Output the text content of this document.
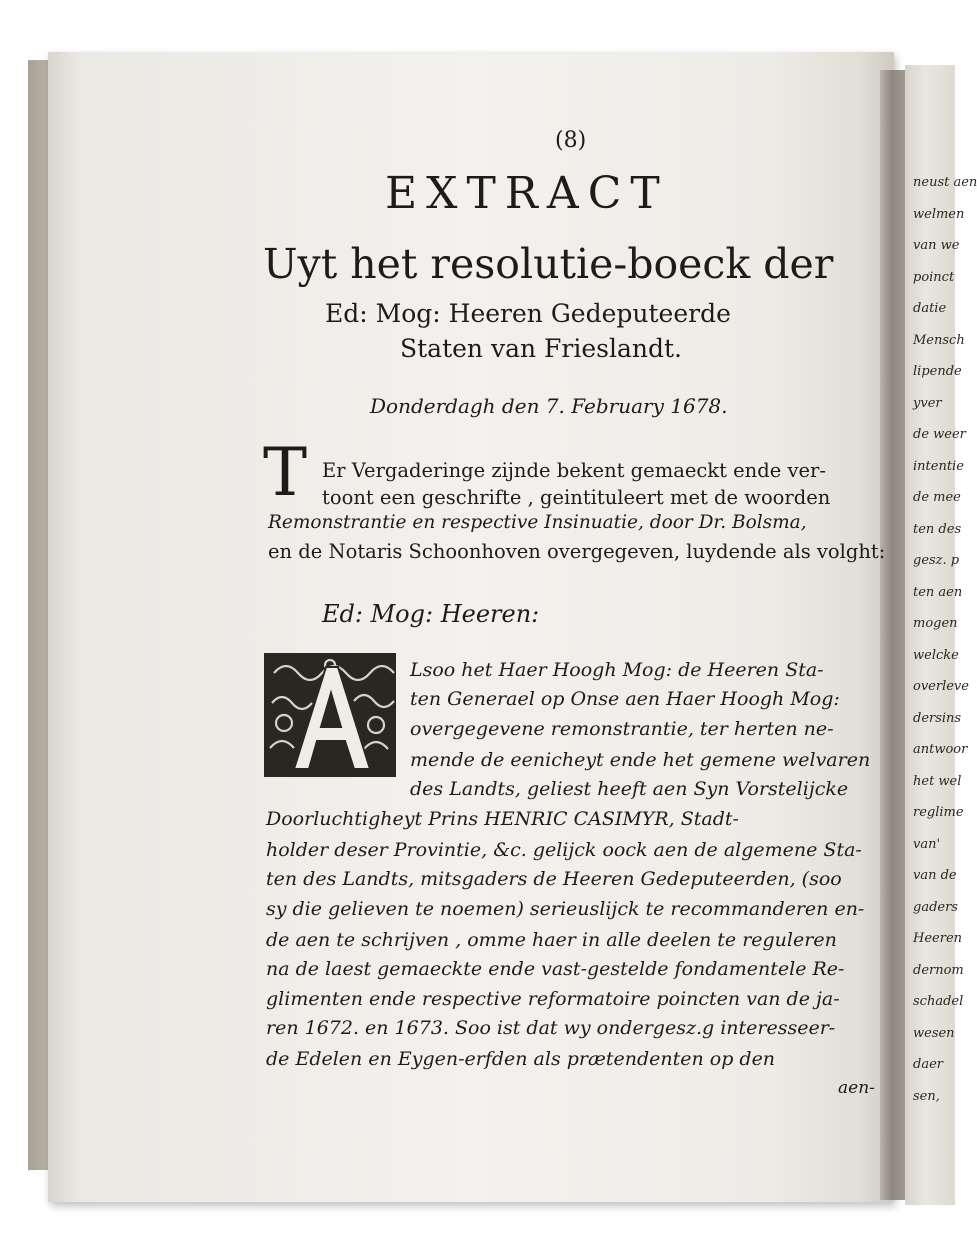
neust aen
welmen
van we
poinct
datie
Mensch
lipende
yver
de weer
intentie
de mee
ten des
gesz. p
ten aen
mogen
welcke
overleve
dersins
antwoor
het wel
reglime
van'
van de
gaders
Heeren
dernom
schadel
wesen
daer
sen,
(8)
EXTRACT
Uyt het resolutie-boeck der
Ed: Mog: Heeren Gedeputeerde
Staten van Frieslandt.
Donderdagh den 7. February 1678.
T Er Vergaderinge zijnde bekent gemaeckt ende ver-
toont een geschrifte , geintituleert met de woorden
Remonstrantie en respective Insinuatie, door Dr. Bolsma,
en de Notaris Schoonhoven overgegeven, luydende als volght:
Ed: Mog: Heeren:
Lsoo het Haer Hoogh Mog: de Heeren Sta-
ten Generael op Onse aen Haer Hoogh Mog:
overgegevene remonstrantie, ter herten ne-
mende de eenicheyt ende het gemene welvaren
des Landts, geliest heeft aen Syn Vorstelijcke
Doorluchtigheyt Prins HENRIC CASIMYR, Stadt-
holder deser Provintie, &c. gelijck oock aen de algemene Sta-
ten des Landts, mitsgaders de Heeren Gedeputeerden, (soo
sy die gelieven te noemen) serieuslijck te recommanderen en-
de aen te schrijven , omme haer in alle deelen te reguleren
na de laest gemaeckte ende vast-gestelde fondamentele Re-
glimenten ende respective reformatoire poincten van de ja-
ren 1672. en 1673. Soo ist dat wy ondergesz.g interesseer-
de Edelen en Eygen-erfden als prætendenten op den
aen-
